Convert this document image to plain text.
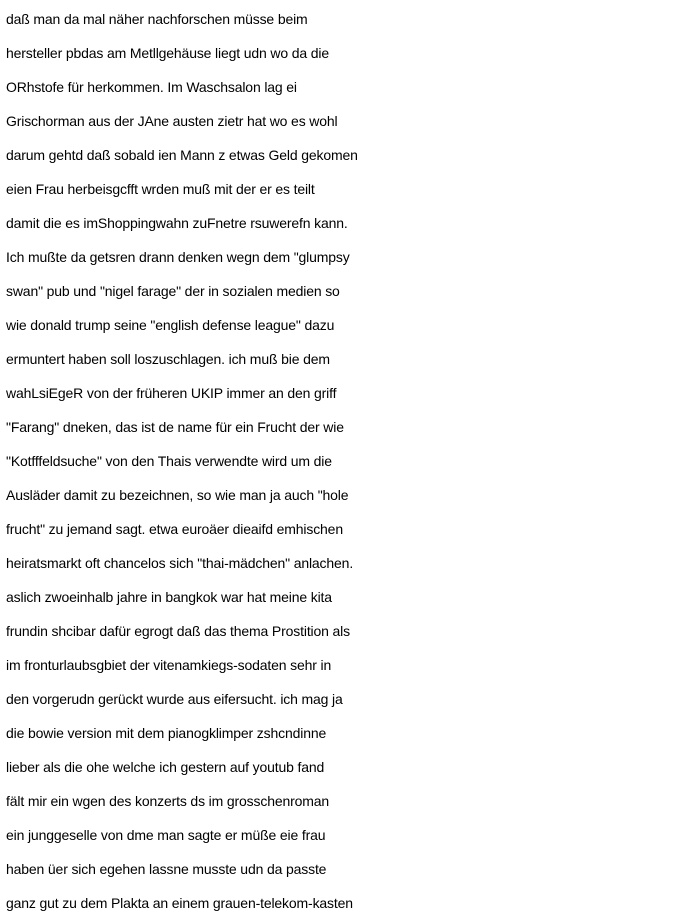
daß man da mal näher nachforschen müsse beim
hersteller pbdas am Metllgehäuse liegt udn wo da die
ORhstofe für herkommen. Im Waschsalon lag ei
Grischorman aus der JAne austen zietr hat wo es wohl
darum gehtd daß sobald ien Mann z etwas Geld gekomen
eien Frau herbeisgcfft wrden muß mit der er es teilt
damit die es imShoppingwahn zuFnetre rsuwerefn kann.
Ich mußte da getsren drann denken wegn dem "glumpsy
swan" pub und "nigel farage" der in sozialen medien so
wie donald trump seine "english defense league" dazu
ermuntert haben soll loszuschlagen. ich muß bie dem
wahLsiEgeR von der früheren UKIP immer an den griff
"Farang" dneken, das ist de name für ein Frucht der wie
"Kotfffeldsuche" von den Thais verwendte wird um die
Ausläder damit zu bezeichnen, so wie man ja auch "hole
frucht" zu jemand sagt. etwa euroäer dieaifd emhischen
heiratsmarkt oft chancelos sich "thai-mädchen" anlachen.
aslich zwoeinhalb jahre in bangkok war hat meine kita
frundin shcibar dafür egrogt daß das thema Prostition als
im fronturlaubsgbiet der vitenamkiegs-sodaten sehr in
den vorgerudn gerückt wurde aus eifersucht. ich mag ja
die bowie version mit dem pianogklimper zshcndinne
lieber als die ohe welche ich gestern auf youtub fand
fält mir ein wgen des konzerts ds im grosschenroman
ein junggeselle von dme man sagte er müße eie frau
haben üer sich egehen lassne musste udn da passte
ganz gut zu dem Plakta an einem grauen-telekom-kasten
